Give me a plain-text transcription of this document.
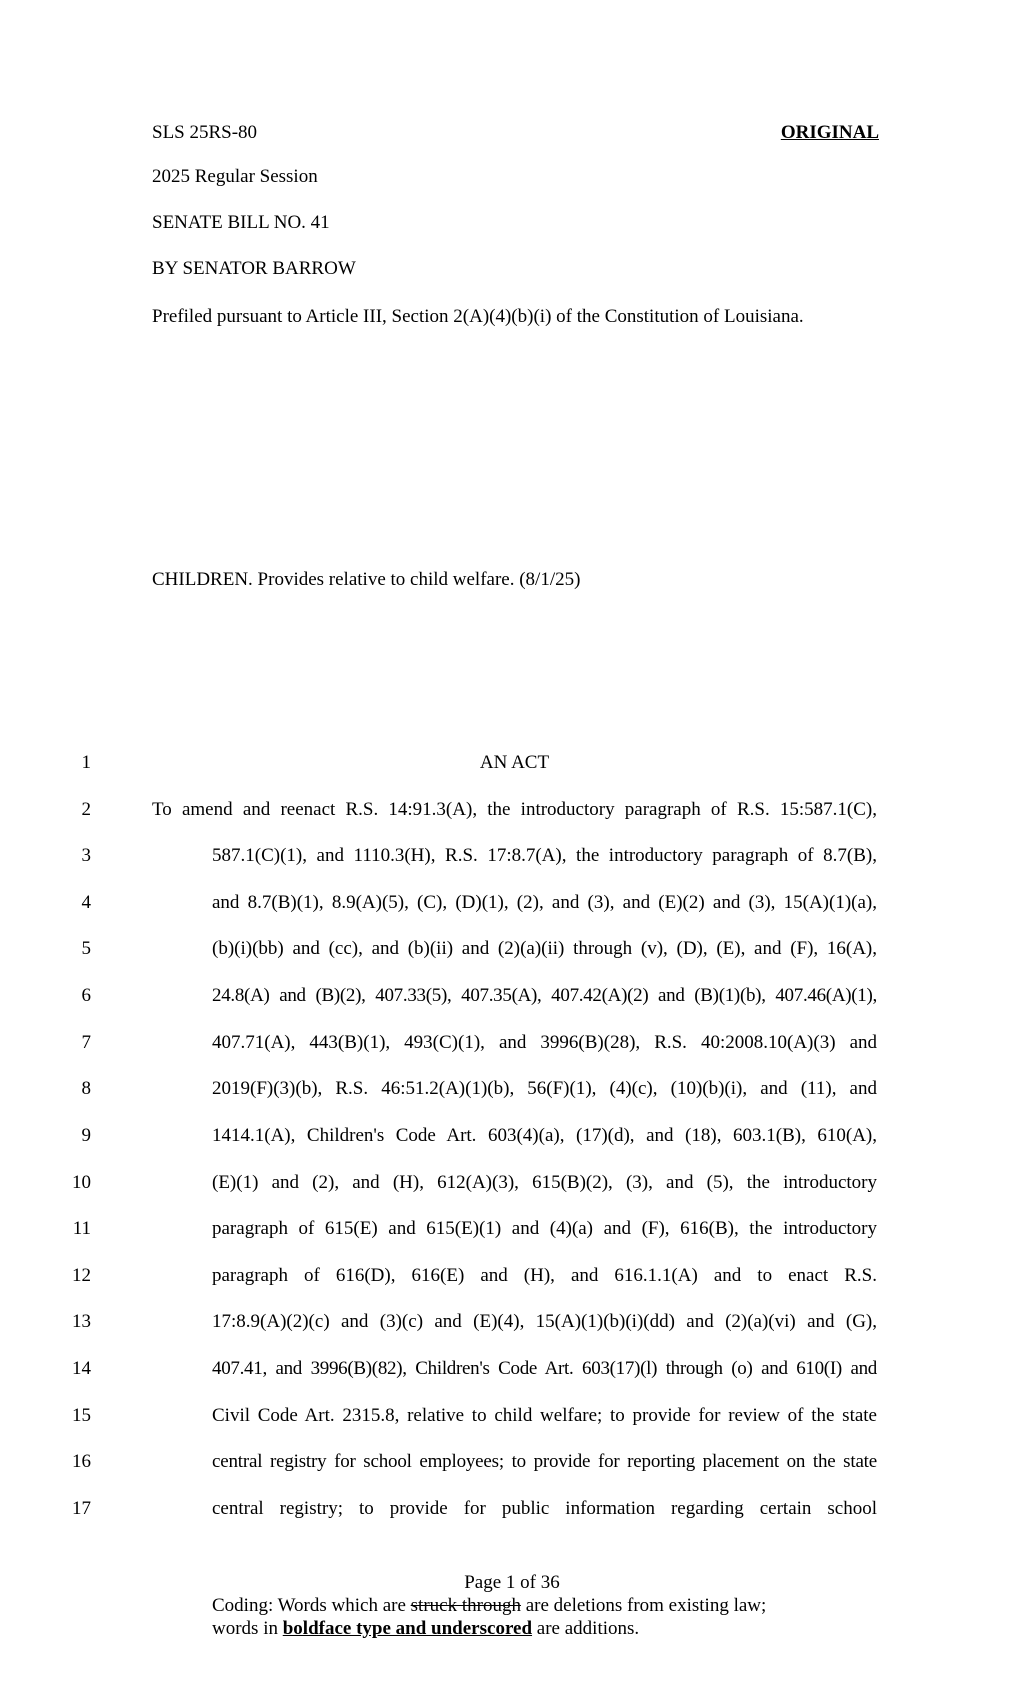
SLS 25RS-80	ORIGINAL
2025 Regular Session
SENATE BILL NO. 41
BY SENATOR BARROW
Prefiled pursuant to Article III, Section 2(A)(4)(b)(i) of the Constitution of Louisiana.
CHILDREN. Provides relative to child welfare. (8/1/25)
1	AN ACT
2	To amend and reenact R.S. 14:91.3(A), the introductory paragraph of R.S. 15:587.1(C),
3	587.1(C)(1), and 1110.3(H), R.S. 17:8.7(A), the introductory paragraph of 8.7(B),
4	and 8.7(B)(1), 8.9(A)(5), (C), (D)(1), (2), and (3), and (E)(2) and (3), 15(A)(1)(a),
5	(b)(i)(bb) and (cc), and (b)(ii) and (2)(a)(ii) through (v), (D), (E), and (F), 16(A),
6	24.8(A) and (B)(2), 407.33(5), 407.35(A), 407.42(A)(2) and (B)(1)(b), 407.46(A)(1),
7	407.71(A), 443(B)(1), 493(C)(1), and 3996(B)(28), R.S. 40:2008.10(A)(3) and
8	2019(F)(3)(b), R.S. 46:51.2(A)(1)(b), 56(F)(1), (4)(c), (10)(b)(i), and (11), and
9	1414.1(A), Children's Code Art. 603(4)(a), (17)(d), and (18), 603.1(B), 610(A),
10	(E)(1) and (2), and (H), 612(A)(3), 615(B)(2), (3), and (5), the introductory
11	paragraph of 615(E) and 615(E)(1) and (4)(a) and (F), 616(B), the introductory
12	paragraph of 616(D), 616(E) and (H), and 616.1.1(A) and to enact R.S.
13	17:8.9(A)(2)(c) and (3)(c) and (E)(4), 15(A)(1)(b)(i)(dd) and (2)(a)(vi) and (G),
14	407.41, and 3996(B)(82), Children's Code Art. 603(17)(l) through (o) and 610(I) and
15	Civil Code Art. 2315.8, relative to child welfare; to provide for review of the state
16	central registry for school employees; to provide for reporting placement on the state
17	central registry; to provide for public information regarding certain school
Page 1 of 36
Coding: Words which are struck through are deletions from existing law;
words in boldface type and underscored are additions.
